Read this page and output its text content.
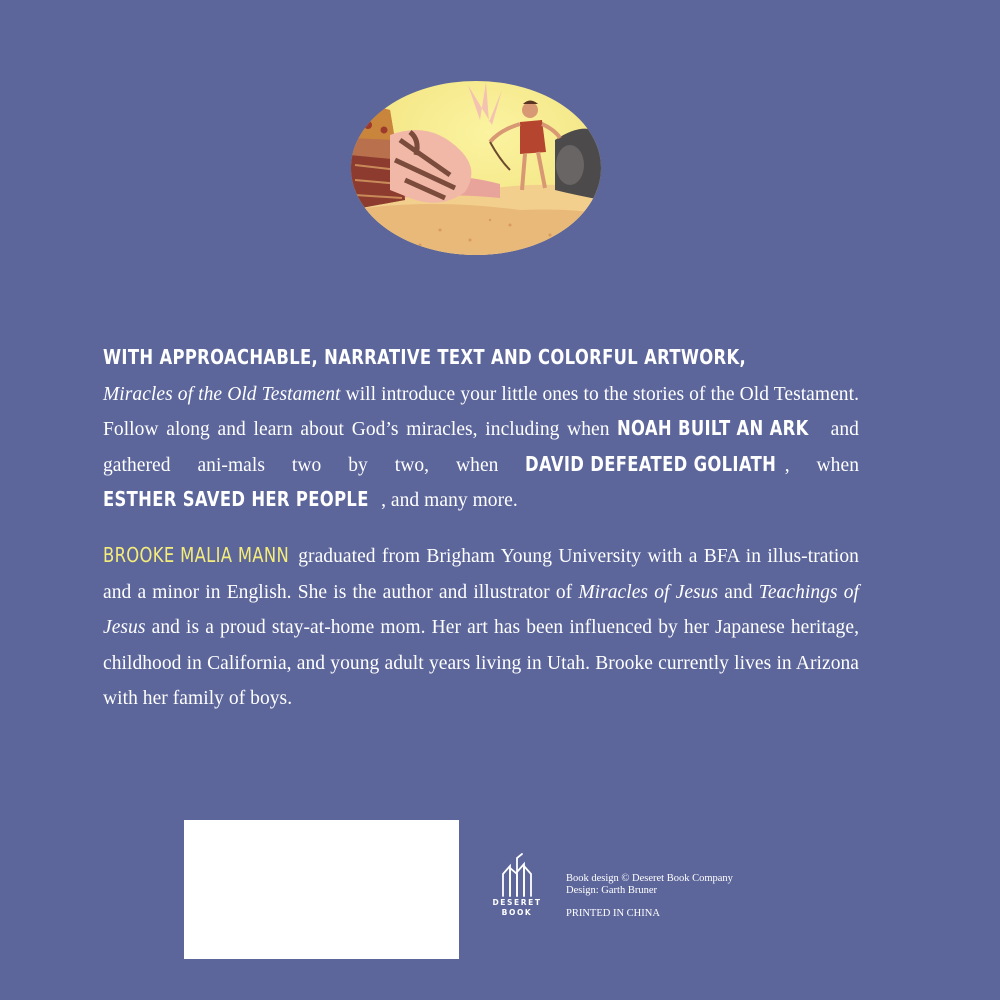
WITH APPROACHABLE, NARRATIVE TEXT AND COLORFUL ARTWORK, Miracles of the Old Testament will introduce your little ones to the stories of the Old Testament. Follow along and learn about God’s miracles, including when NOAH BUILT AN ARK and gathered ani-mals two by two, when DAVID DEFEATED GOLIATH , when ESTHER SAVED HER PEOPLE , and many more.
BROOKE MALIA MANN graduated from Brigham Young University with a BFA in illus-tration and a minor in English. She is the author and illustrator of Miracles of Jesus and Teachings of Jesus and is a proud stay-at-home mom. Her art has been influenced by her Japanese heritage, childhood in California, and young adult years living in Utah. Brooke currently lives in Arizona with her family of boys.
DESERET
BOOK
Book design © Deseret Book Company
Design: Garth Bruner
PRINTED IN CHINA
